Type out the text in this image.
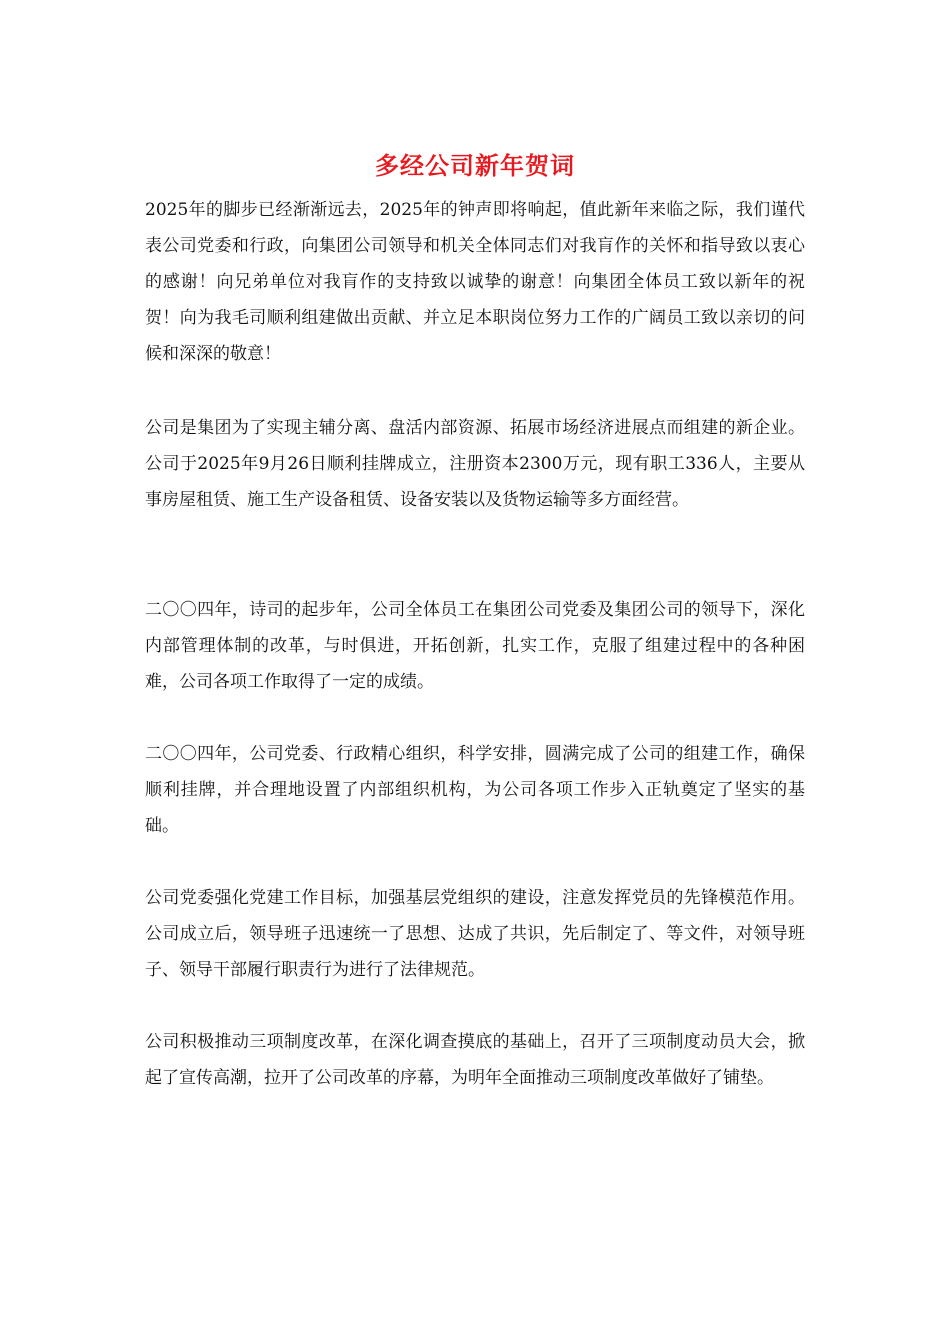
多经公司新年贺词

2025年的脚步已经渐渐远去，2025年的钟声即将响起，值此新年来临之际，我们谨代表公司党委和行政，向集团公司领导和机关全体同志们对我肓作的关怀和指导致以衷心的感谢！向兄弟单位对我肓作的支持致以诚挚的谢意！向集团全体员工致以新年的祝贺！向为我毛司顺利组建做出贡献、并立足本职岗位努力工作的广阔员工致以亲切的问候和深深的敬意！

公司是集团为了实现主辅分离、盘活内部资源、拓展市场经济进展点而组建的新企业。公司于2025年9月26日顺利挂牌成立，注册资本2300万元，现有职工336人，主要从事房屋租赁、施工生产设备租赁、设备安装以及货物运输等多方面经营。

二〇〇四年，诗司的起步年，公司全体员工在集团公司党委及集团公司的领导下，深化内部管理体制的改革，与时俱进，开拓创新，扎实工作，克服了组建过程中的各种困难，公司各项工作取得了一定的成绩。

二〇〇四年，公司党委、行政精心组织，科学安排，圆满完成了公司的组建工作，确保顺利挂牌，并合理地设置了内部组织机构，为公司各项工作步入正轨奠定了坚实的基础。

公司党委强化党建工作目标，加强基层党组织的建设，注意发挥党员的先锋模范作用。公司成立后，领导班子迅速统一了思想、达成了共识，先后制定了、等文件，对领导班子、领导干部履行职责行为进行了法律规范。

公司积极推动三项制度改革，在深化调查摸底的基础上，召开了三项制度动员大会，掀起了宣传高潮，拉开了公司改革的序幕，为明年全面推动三项制度改革做好了铺垫。
